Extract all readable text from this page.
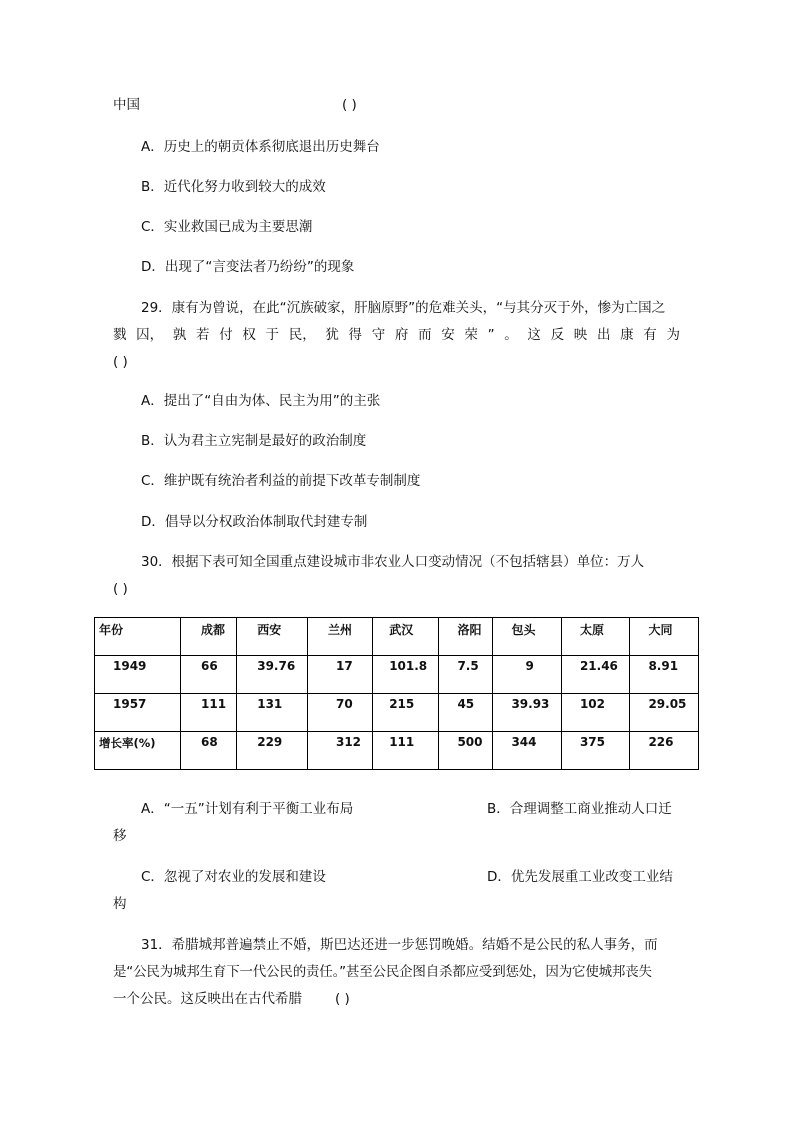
中国	( )
A．历史上的朝贡体系彻底退出历史舞台
B．近代化努力收到较大的成效
C．实业救国已成为主要思潮
D．出现了“言变法者乃纷纷”的现象
29．康有为曾说，在此“沉族破家，肝脑原野”的危难关头，“与其分灭于外，惨为亡国之
戮 囚， 孰 若 付 权 于 民， 犹 得 守 府 而 安 荣 ” 。 这 反 映 出 康 有 为
( )
A．提出了“自由为体、民主为用”的主张
B．认为君主立宪制是最好的政治制度
C．维护既有统治者利益的前提下改革专制制度
D．倡导以分权政治体制取代封建专制
30．根据下表可知全国重点建设城市非农业人口变动情况（不包括辖县）单位：万人
( )
年份	成都	西安	兰州	武汉	洛阳	包头	太原	大同
1949	66	39.76	17	101.8	7.5	9	21.46	8.91
1957	111	131	70	215	45	39.93	102	29.05
增长率(%)	68	229	312	111	500	344	375	226
A．“一五”计划有利于平衡工业布局	B．合理调整工商业推动人口迁
移
C．忽视了对农业的发展和建设	D．优先发展重工业改变工业结
构
31．希腊城邦普遍禁止不婚，斯巴达还进一步惩罚晚婚。结婚不是公民的私人事务，而
是“公民为城邦生育下一代公民的责任。”甚至公民企图自杀都应受到惩处，因为它使城邦丧失
一个公民。这反映出在古代希腊 ( )
